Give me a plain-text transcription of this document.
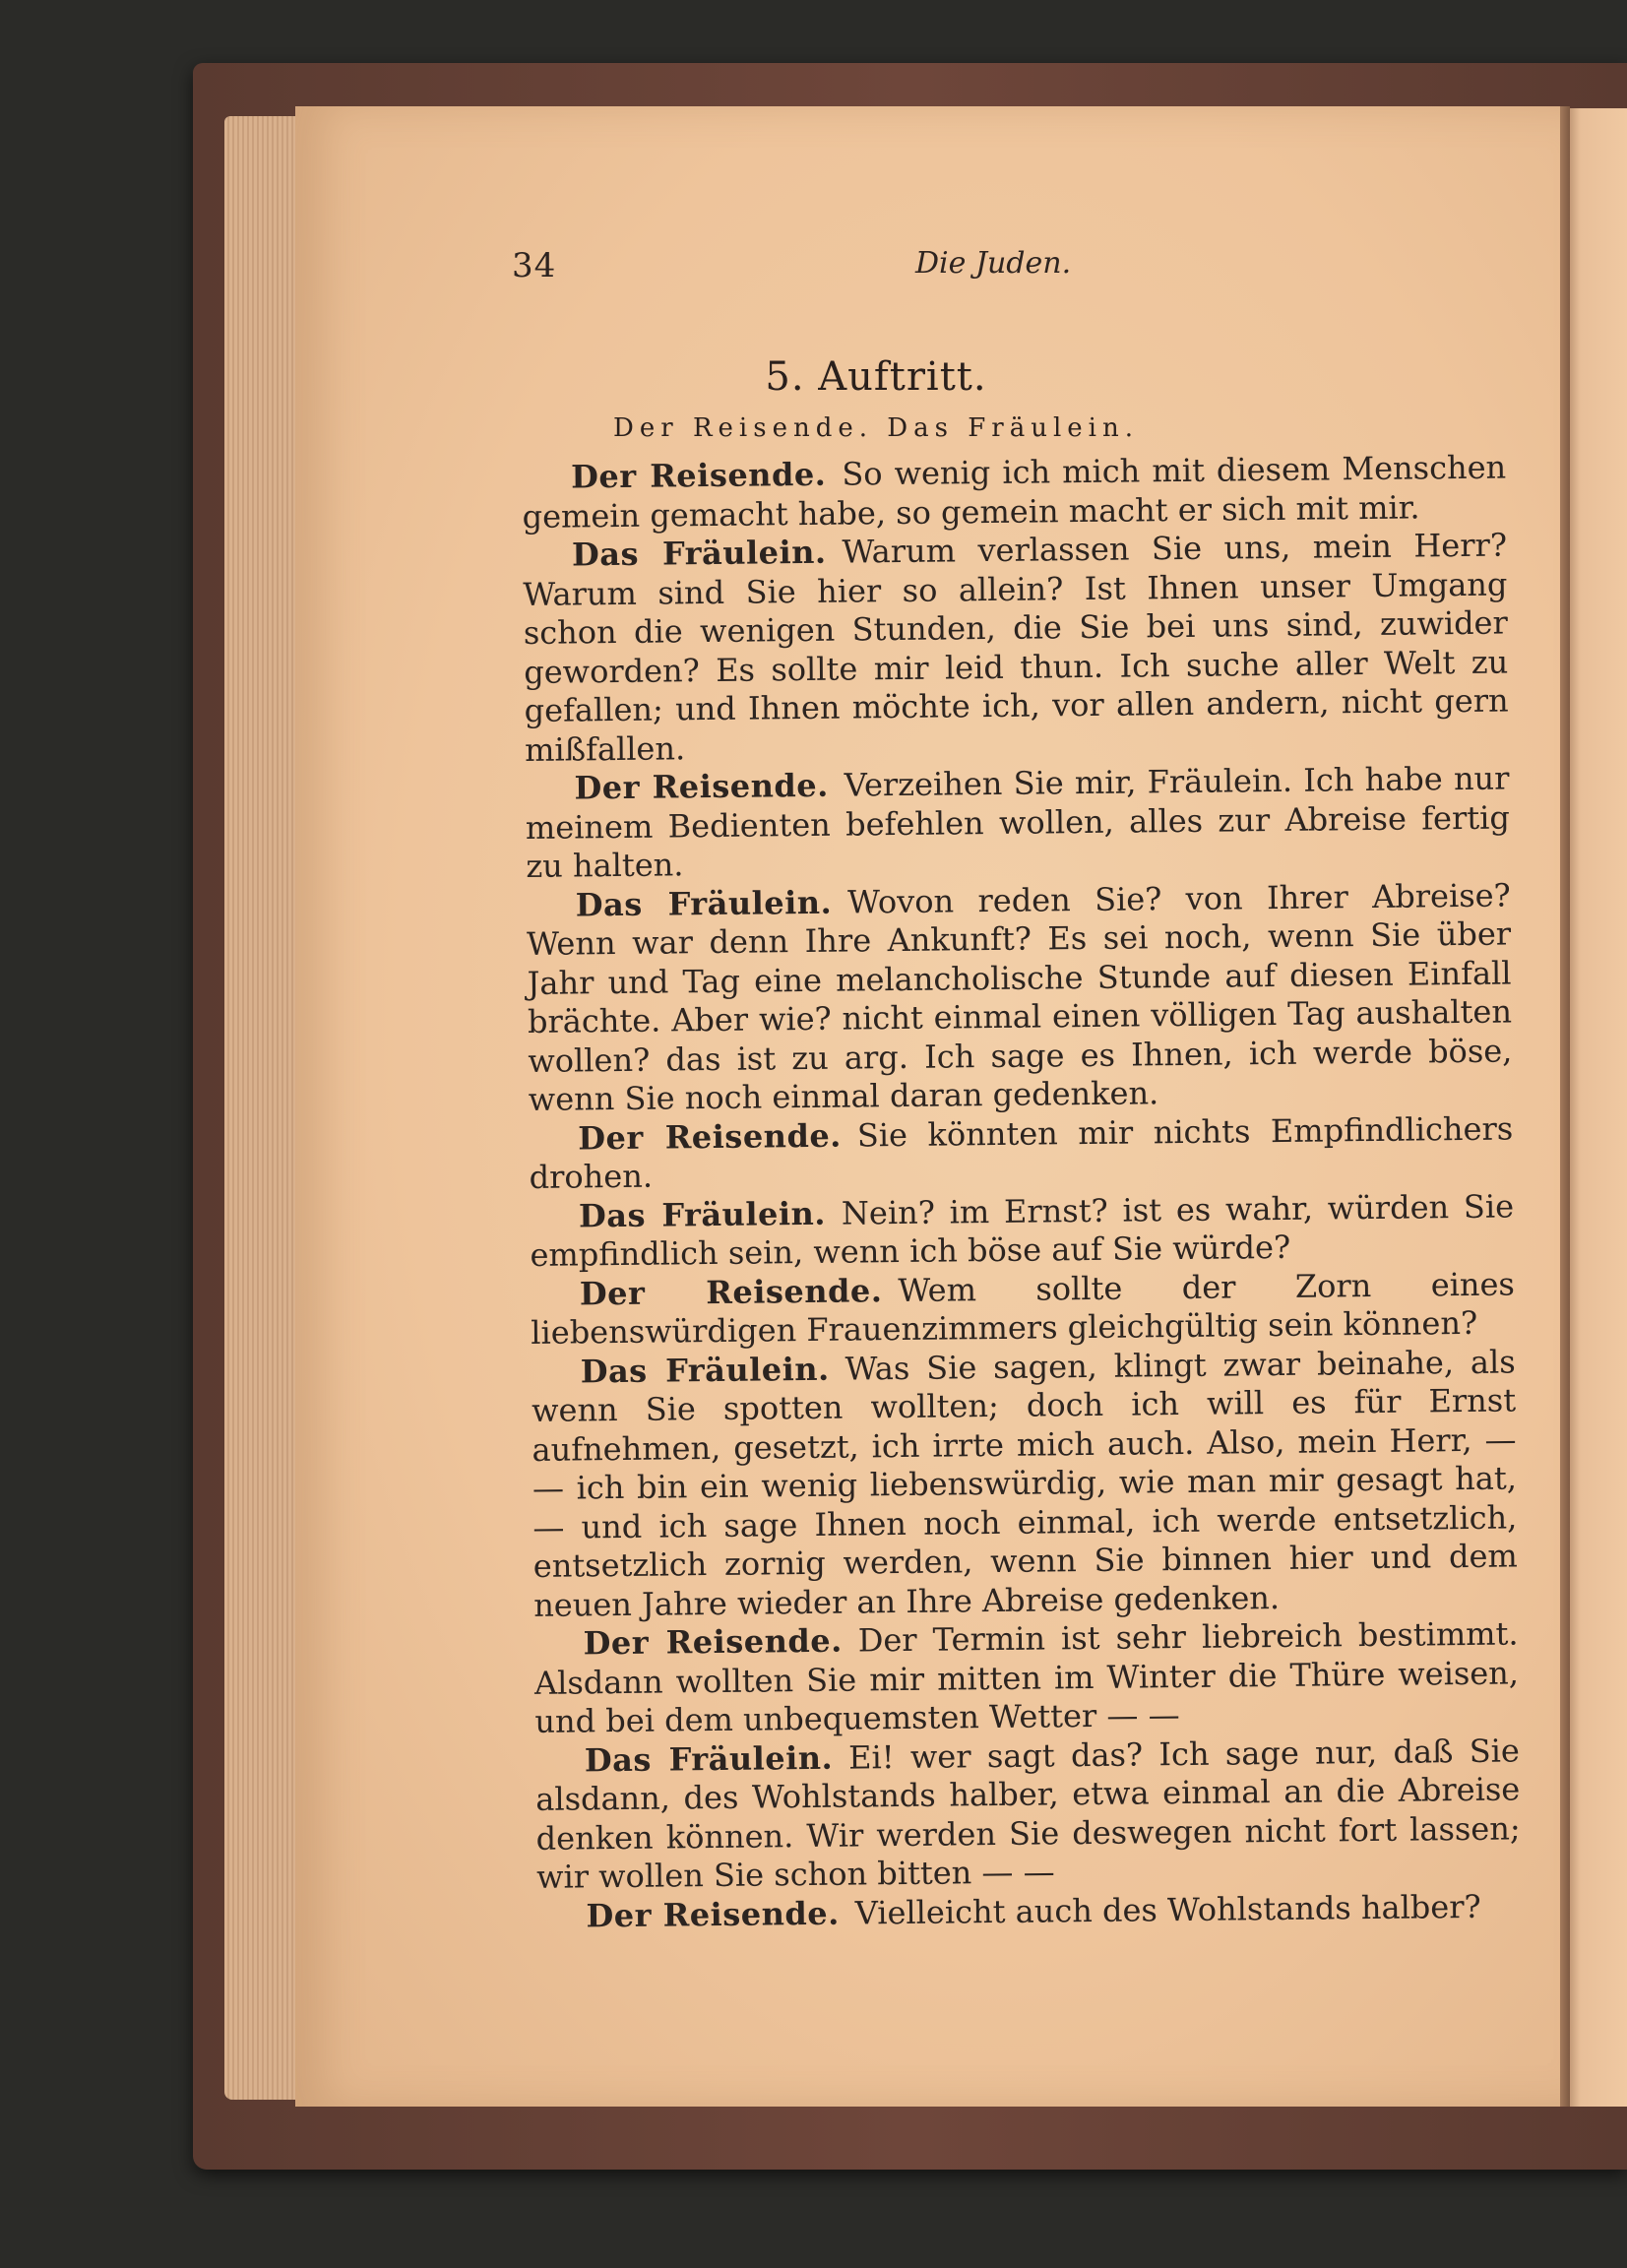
34	Die Juden.
5. Auftritt.
Der Reisende. Das Fräulein.

Der Reisende. So wenig ich mich mit diesem Menschen gemein gemacht habe, so gemein macht er sich mit mir.

Das Fräulein. Warum verlassen Sie uns, mein Herr? Warum sind Sie hier so allein? Ist Ihnen unser Umgang schon die wenigen Stunden, die Sie bei uns sind, zuwider geworden? Es sollte mir leid thun. Ich suche aller Welt zu gefallen; und Ihnen möchte ich, vor allen andern, nicht gern mißfallen.

Der Reisende. Verzeihen Sie mir, Fräulein. Ich habe nur meinem Bedienten befehlen wollen, alles zur Abreise fertig zu halten.

Das Fräulein. Wovon reden Sie? von Ihrer Abreise? Wenn war denn Ihre Ankunft? Es sei noch, wenn Sie über Jahr und Tag eine melancholische Stunde auf diesen Einfall brächte. Aber wie? nicht einmal einen völligen Tag aushalten wollen? das ist zu arg. Ich sage es Ihnen, ich werde böse, wenn Sie noch einmal daran gedenken.

Der Reisende. Sie könnten mir nichts Empfindlichers drohen.

Das Fräulein. Nein? im Ernst? ist es wahr, würden Sie empfindlich sein, wenn ich böse auf Sie würde?

Der Reisende. Wem sollte der Zorn eines liebenswürdigen Frauenzimmers gleichgültig sein können?

Das Fräulein. Was Sie sagen, klingt zwar beinahe, als wenn Sie spotten wollten; doch ich will es für Ernst aufnehmen, gesetzt, ich irrte mich auch. Also, mein Herr, — — ich bin ein wenig liebenswürdig, wie man mir gesagt hat, — und ich sage Ihnen noch einmal, ich werde entsetzlich, entsetzlich zornig werden, wenn Sie binnen hier und dem neuen Jahre wieder an Ihre Abreise gedenken.

Der Reisende. Der Termin ist sehr liebreich bestimmt. Alsdann wollten Sie mir mitten im Winter die Thüre weisen, und bei dem unbequemsten Wetter — —

Das Fräulein. Ei! wer sagt das? Ich sage nur, daß Sie alsdann, des Wohlstands halber, etwa einmal an die Abreise denken können. Wir werden Sie deswegen nicht fort lassen; wir wollen Sie schon bitten — —

Der Reisende. Vielleicht auch des Wohlstands halber?
